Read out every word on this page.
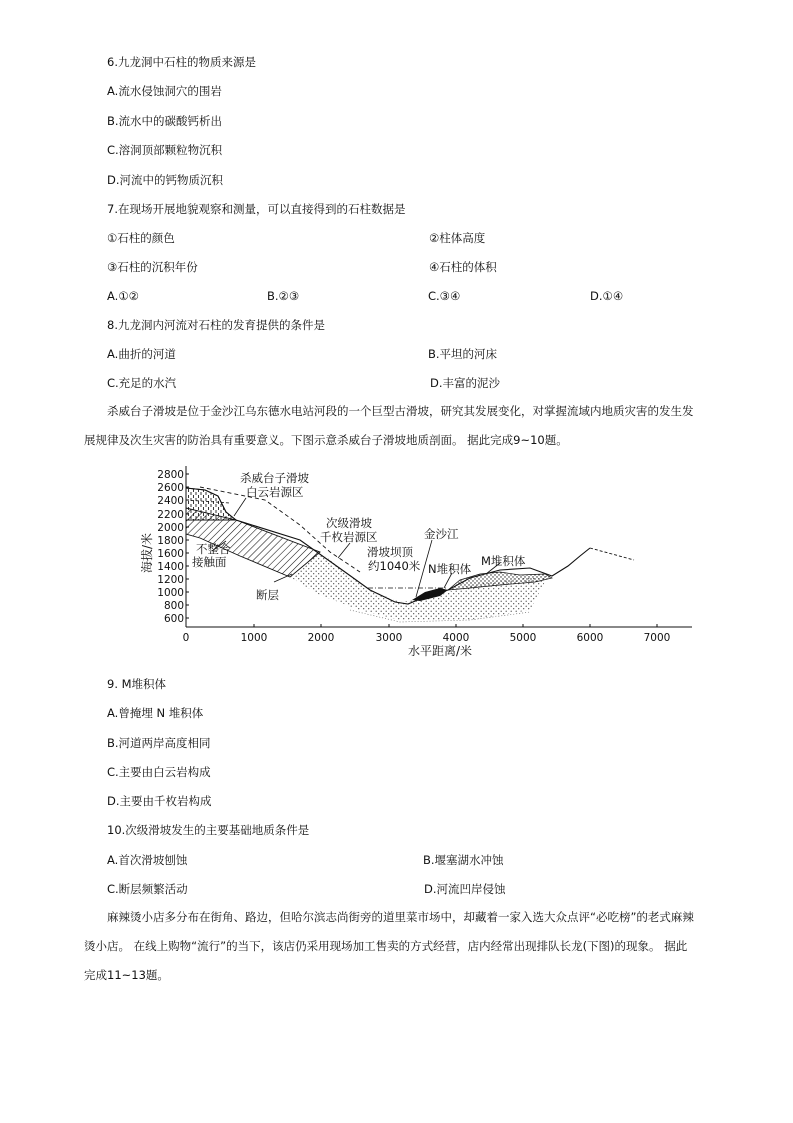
6.九龙洞中石柱的物质来源是
A.流水侵蚀洞穴的围岩
B.流水中的碳酸钙析出
C.溶洞顶部颗粒物沉积
D.河流中的钙物质沉积
7.在现场开展地貌观察和测量，可以直接得到的石柱数据是
①石柱的颜色	②柱体高度
③石柱的沉积年份	④石柱的体积
A.①②	B.②③	C.③④	D.①④
8.九龙洞内河流对石柱的发育提供的条件是
A.曲折的河道	B.平坦的河床
C.充足的水汽	D.丰富的泥沙
杀威台子滑坡是位于金沙江乌东德水电站河段的一个巨型古滑坡，研究其发展变化，对掌握流域内地质灾害的发生发展规律及次生灾害的防治具有重要意义。下图示意杀威台子滑坡地质剖面。 据此完成9~10题。
2800
2600
2400
2200
2000
1800
1600
1400
1200
1000
800
600
海拔/米
0	1000	2000	3000	4000	5000	6000	7000
水平距离/米
杀威台子滑坡
白云岩源区
次级滑坡
千枚岩源区
不整合
接触面
断层
滑坡坝顶
约1040米
金沙江
N堆积体
M堆积体
9. M堆积体
A.曾掩埋 N 堆积体
B.河道两岸高度相同
C.主要由白云岩构成
D.主要由千枚岩构成
10.次级滑坡发生的主要基础地质条件是
A.首次滑坡刨蚀	B.堰塞湖水冲蚀
C.断层频繁活动	D.河流凹岸侵蚀
麻辣烫小店多分布在街角、路边，但哈尔滨志尚街旁的道里菜市场中，却藏着一家入选大众点评“必吃榜”的老式麻辣烫小店。 在线上购物“流行”的当下，该店仍采用现场加工售卖的方式经营，店内经常出现排队长龙(下图)的现象。 据此完成11~13题。
